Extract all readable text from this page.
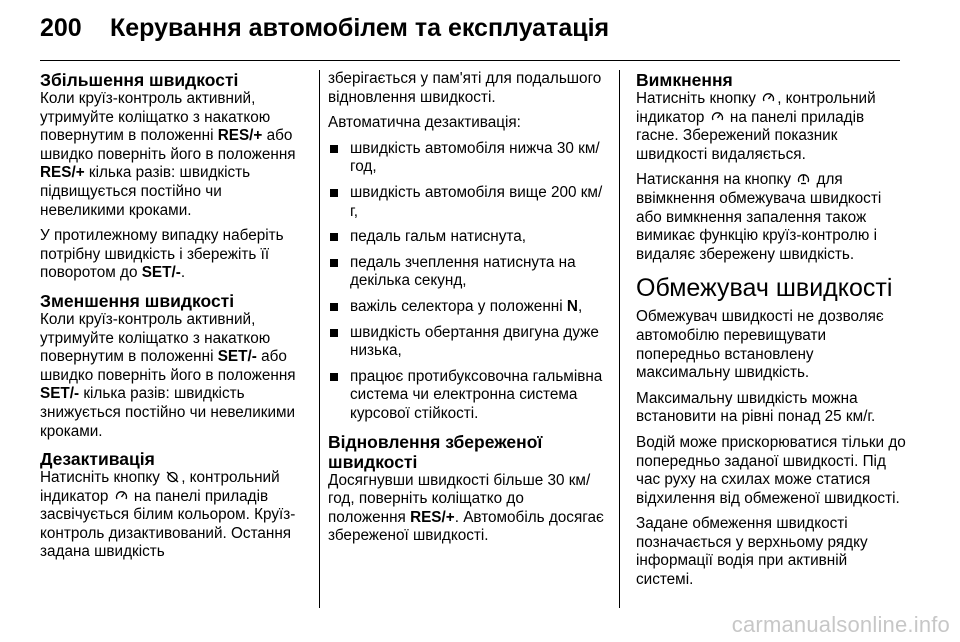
200	Керування автомобілем та експлуатація
Збільшення швидкості

Коли круїз-контроль активний, утримуйте коліщатко з накаткою повернутим в положенні RES/+ або швидко поверніть його в положення RES/+ кілька разів: швидкість підвищується постійно чи невеликими кроками.

У протилежному випадку наберіть потрібну швидкість і збережіть її поворотом до SET/-.

Зменшення швидкості

Коли круїз-контроль активний, утримуйте коліщатко з накаткою повернутим в положенні SET/- або швидко поверніть його в положення SET/- кілька разів: швидкість знижується постійно чи невеликими кроками.

Дезактивація

Натисніть кнопку
, контрольний індикатор
на панелі приладів засвічується білим кольором. Круїз-контроль дизактивований. Остання задана швидкість

зберігається у пам'яті для подальшого відновлення швидкості.

Автоматична дезактивація:

швидкість автомобіля нижча 30 км/год,
швидкість автомобіля вище 200 км/г,
педаль гальм натиснута,
педаль зчеплення натиснута на декілька секунд,
важіль селектора у положенні N,
швидкість обертання двигуна дуже низька,
працює протибуксовочна гальмівна система чи електронна система курсової стійкості.
Відновлення збереженої швидкості

Досягнувши швидкості більше 30 км/год, поверніть коліщатко до положення RES/+. Автомобіль досягає збереженої швидкості.

Вимкнення

Натисніть кнопку
, контрольний індикатор
на панелі приладів гасне. Збережений показник швидкості видаляється.

Натискання на кнопку
для ввімкнення обмежувача швидкості або вимкнення запалення також вимикає функцію круїз-контролю і видаляє збережену швидкість.

Обмежувач швидкості

Обмежувач швидкості не дозволяє автомобілю перевищувати попередньо встановлену максимальну швидкість.

Максимальну швидкість можна встановити на рівні понад 25 км/г.

Водій може прискорюватися тільки до попередньо заданої швидкості. Під час руху на схилах може статися відхилення від обмеженої швидкості.

Задане обмеження швидкості позначається у верхньому рядку інформації водія при активній системі.

carmanualsonline.info
